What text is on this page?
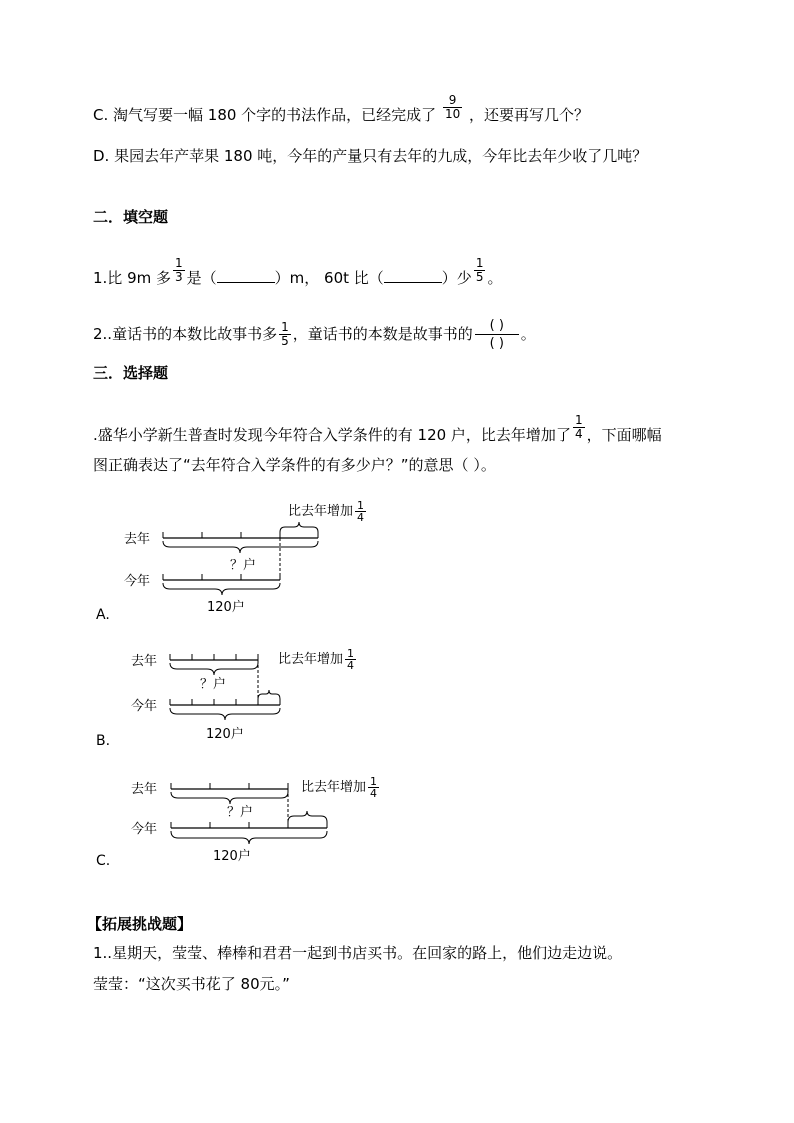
C. 淘气写要一幅 180 个字的书法作品，已经完成了 $\frac{9}{10}$ ，还要再写几个？
D. 果园去年产苹果 180 吨，今年的产量只有去年的九成，今年比去年少收了几吨？
二．填空题
1.比 9m 多 $\frac{1}{3}$ 是（	）m， 60t 比（	）少 $\frac{1}{5}$ 。
2..童话书的本数比故事书多 $\frac{1}{5}$ ，童话书的本数是故事书的 $\frac{( )}{( )}$ 。
三．选择题
.盛华小学新生普查时发现今年符合入学条件的有 120 户，比去年增加了 $\frac{1}{4}$ ，下面哪幅
图正确表达了“去年符合入学条件的有多少户？”的意思（ ）。
去年
今年
？户
120户
比去年增加 $\frac{1}{4}$
A.
去年
今年
？户
120户
比去年增加 $\frac{1}{4}$
B.
去年
今年
？户
120户
比去年增加 $\frac{1}{4}$
C.
【拓展挑战题】
1..星期天，莹莹、棒棒和君君一起到书店买书。在回家的路上，他们边走边说。
莹莹：“这次买书花了 80元。”
